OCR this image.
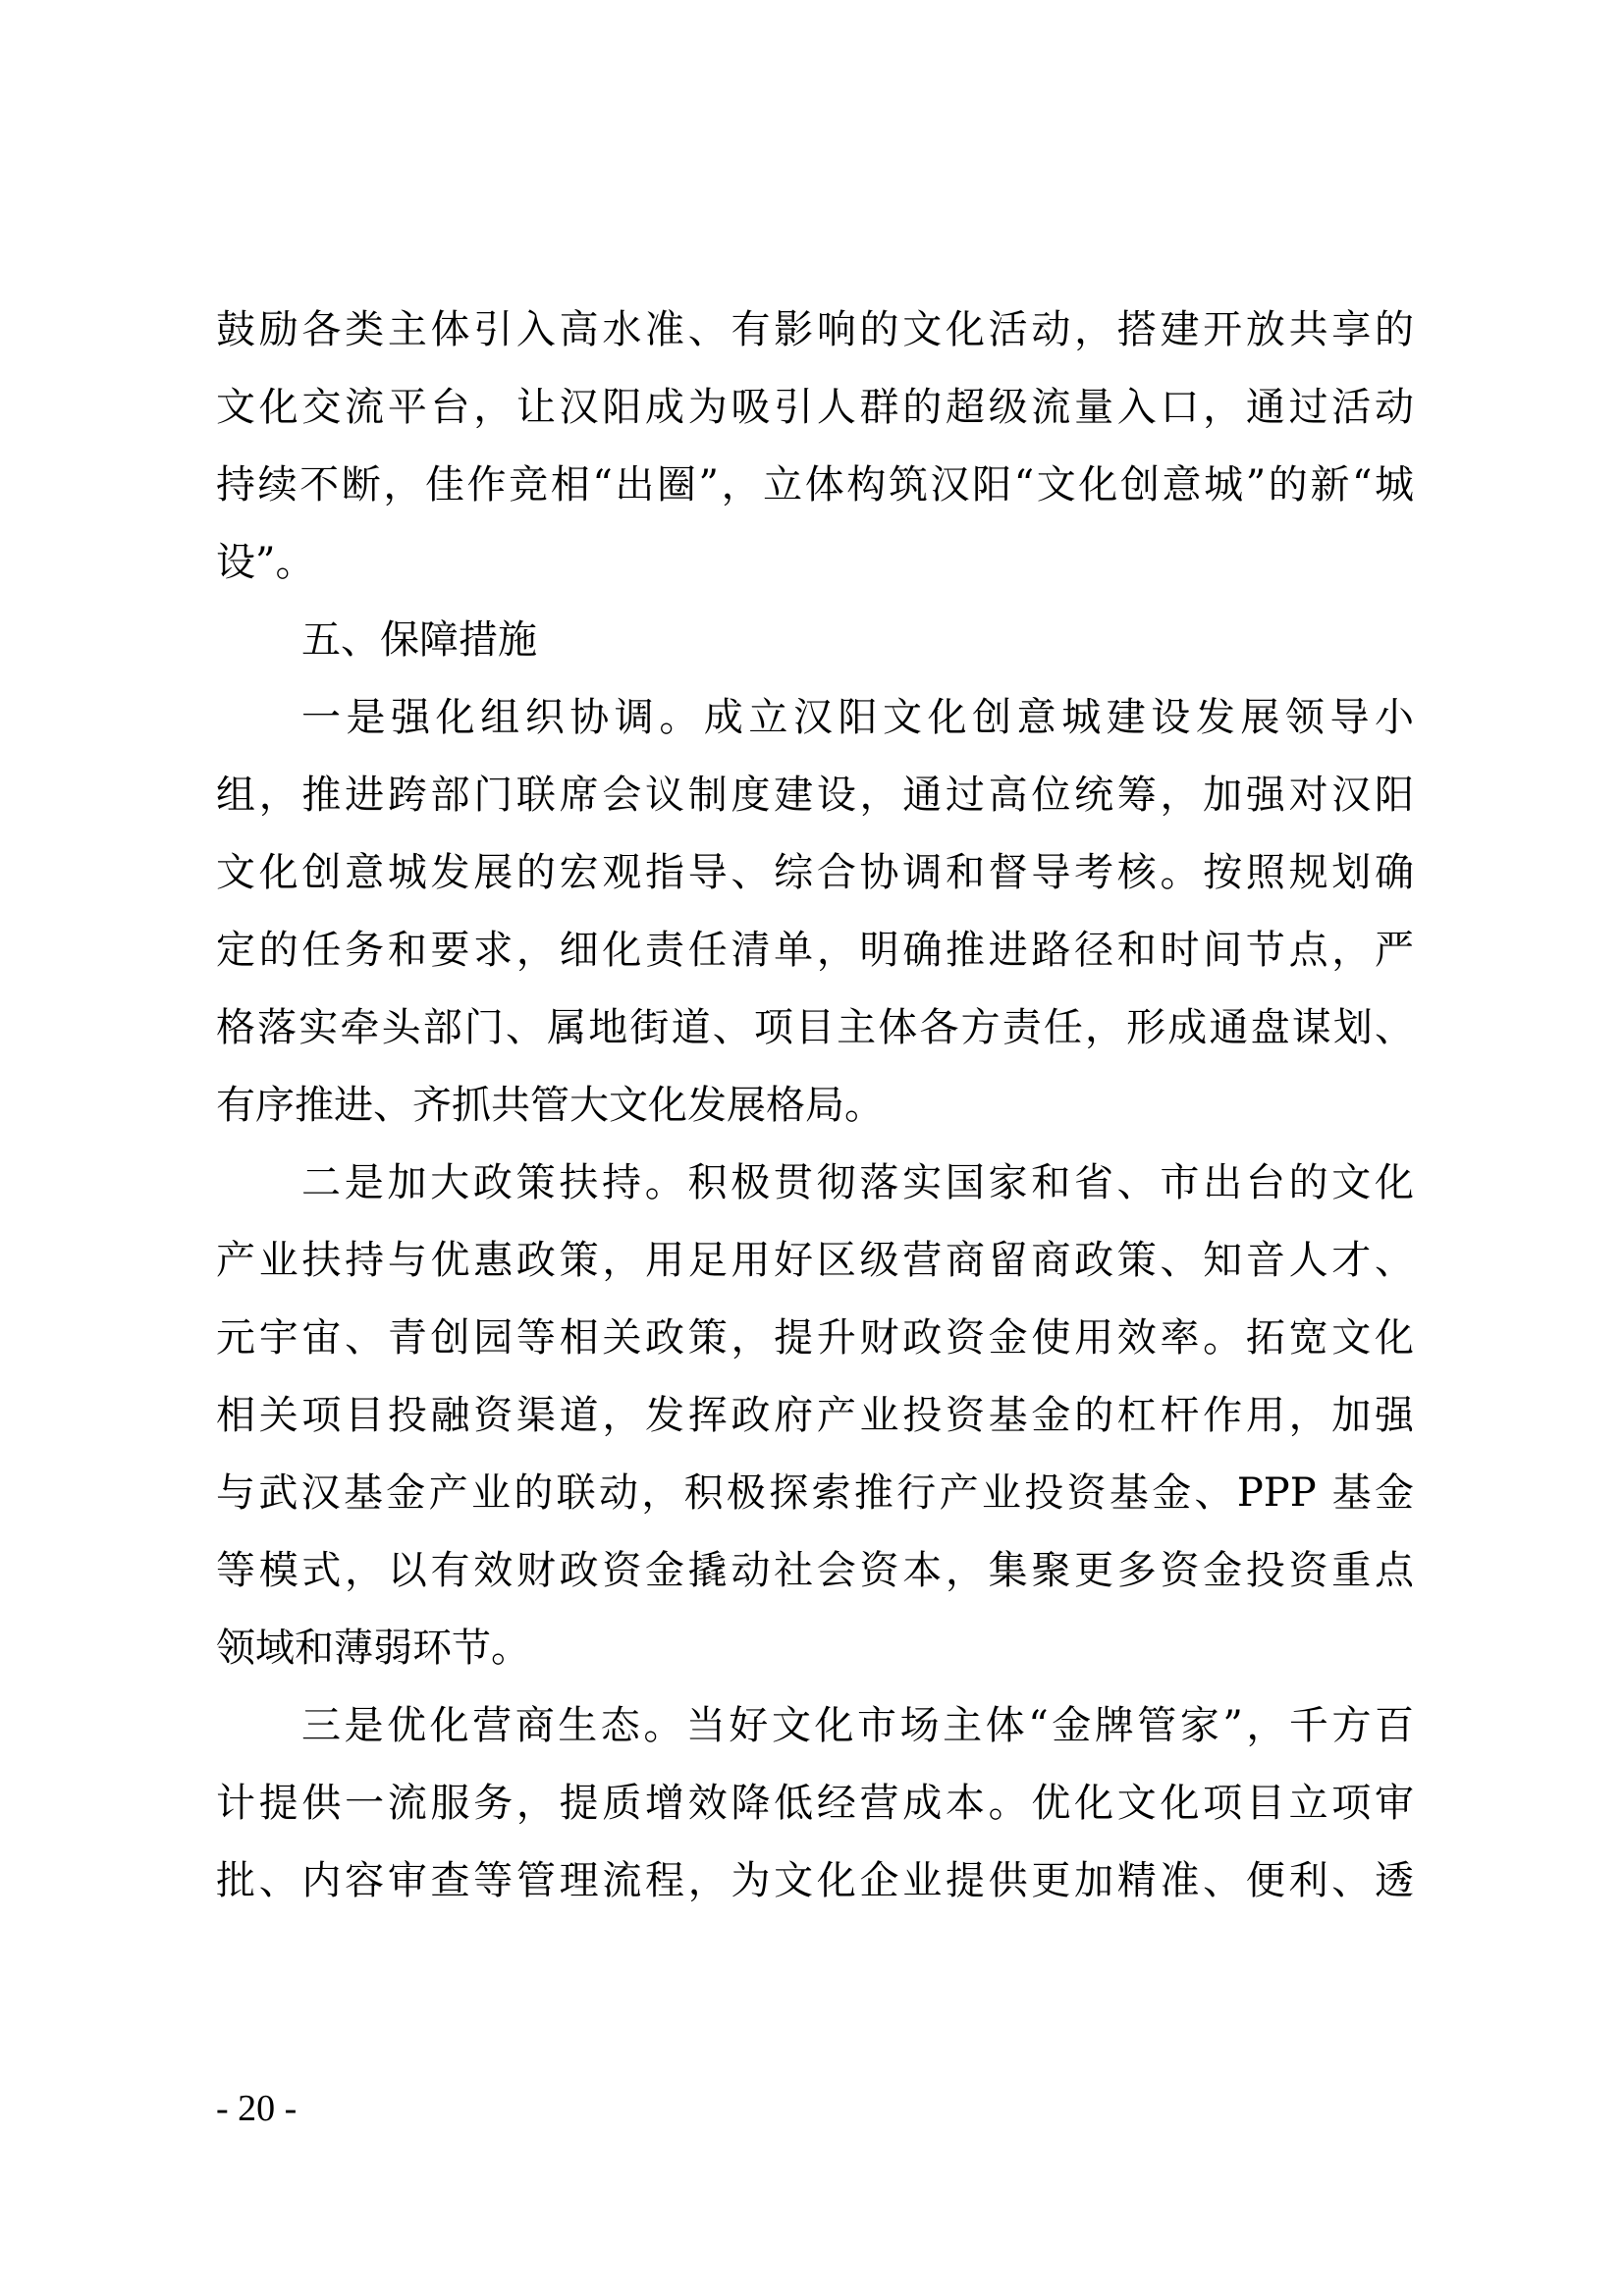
鼓励各类主体引入高水准、有影响的文化活动，搭建开放共享的
文化交流平台，让汉阳成为吸引人群的超级流量入口，通过活动
持续不断，佳作竞相“出圈”，立体构筑汉阳“文化创意城”的新“城
设”。
五、保障措施
一是强化组织协调。成立汉阳文化创意城建设发展领导小
组，推进跨部门联席会议制度建设，通过高位统筹，加强对汉阳
文化创意城发展的宏观指导、综合协调和督导考核。按照规划确
定的任务和要求，细化责任清单，明确推进路径和时间节点，严
格落实牵头部门、属地街道、项目主体各方责任，形成通盘谋划、
有序推进、齐抓共管大文化发展格局。
二是加大政策扶持。积极贯彻落实国家和省、市出台的文化
产业扶持与优惠政策，用足用好区级营商留商政策、知音人才、
元宇宙、青创园等相关政策，提升财政资金使用效率。拓宽文化
相关项目投融资渠道，发挥政府产业投资基金的杠杆作用，加强
与武汉基金产业的联动，积极探索推行产业投资基金、PPP 基金
等模式，以有效财政资金撬动社会资本，集聚更多资金投资重点
领域和薄弱环节。
三是优化营商生态。当好文化市场主体“金牌管家”，千方百
计提供一流服务，提质增效降低经营成本。优化文化项目立项审
批、内容审查等管理流程，为文化企业提供更加精准、便利、透
- 20 -
